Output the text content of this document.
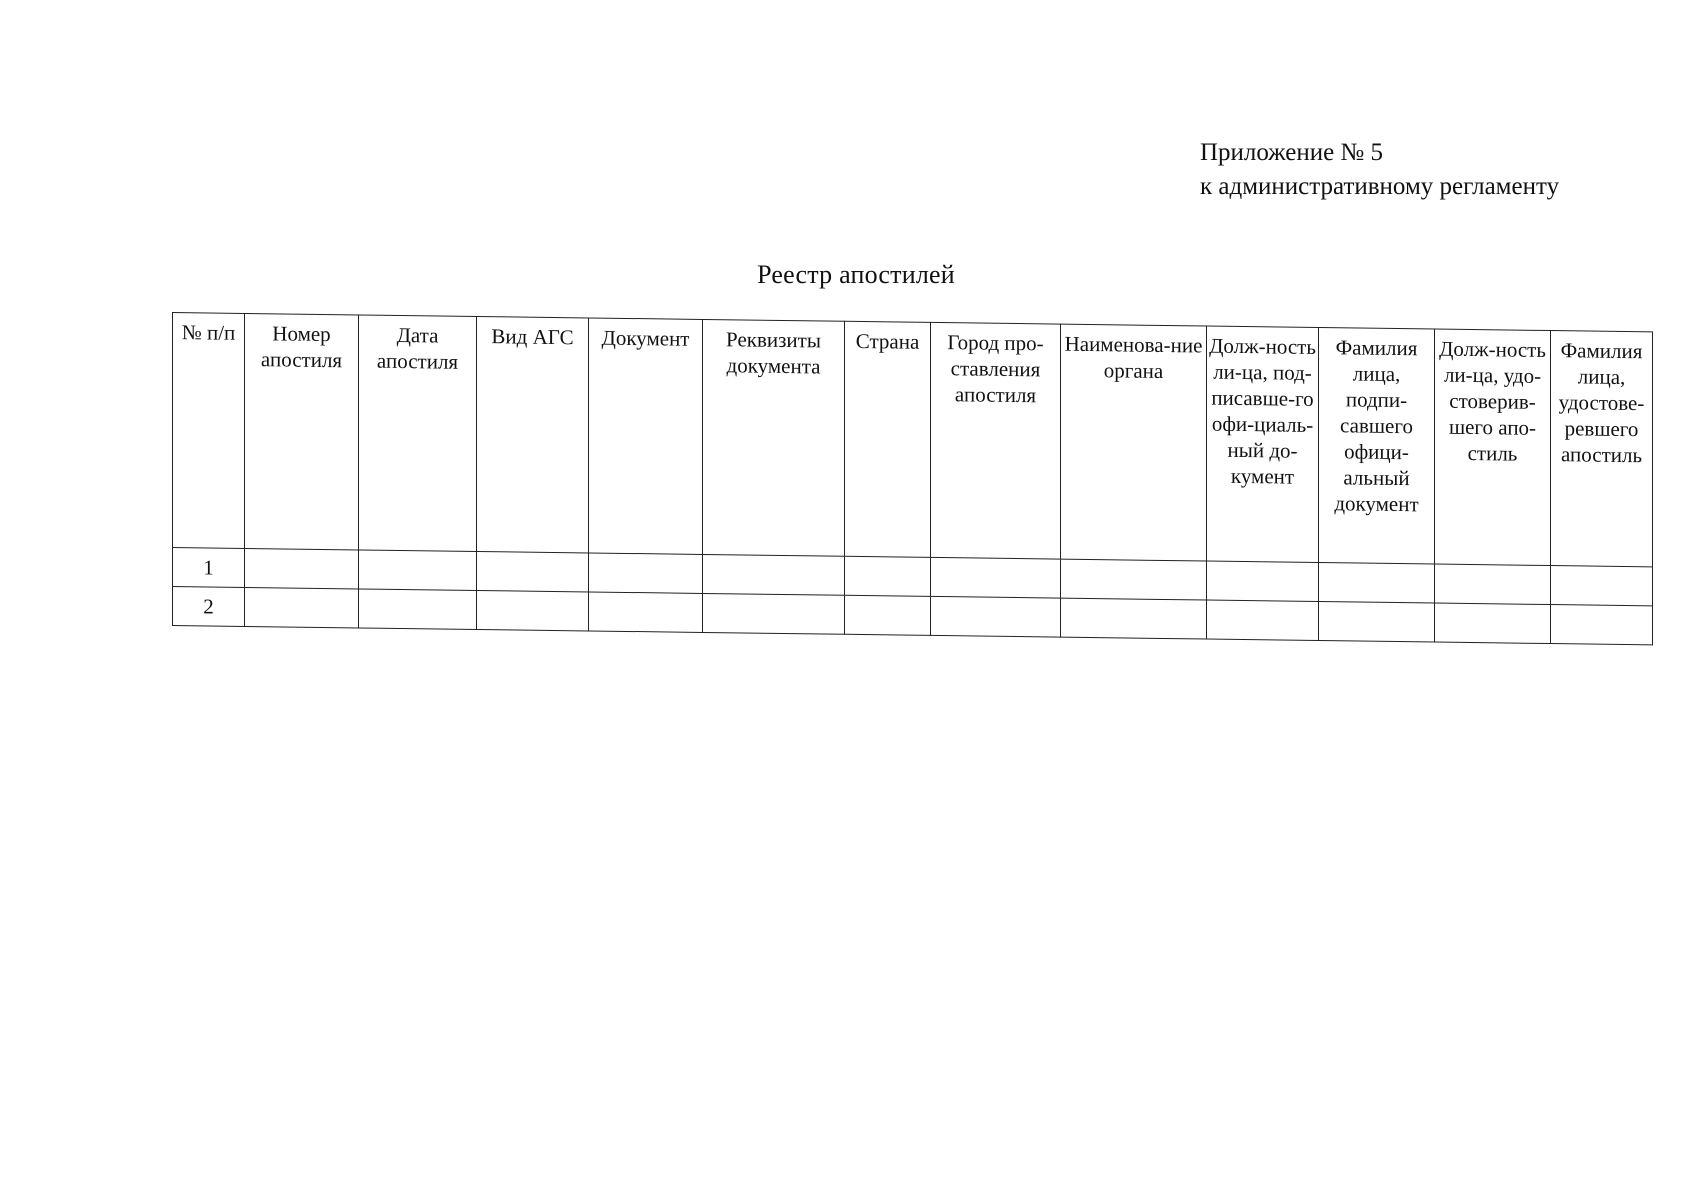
Приложение № 5
к административному регламенту
Реестр апостилей
№ п/п	Номер апостиля	Дата апостиля	Вид АГС	Документ	Реквизиты документа	Страна	Город про-ставления апостиля	Наименова-ние органа	Долж-ность ли-ца, под-писавше-го офи-циаль-ный до-кумент	Фамилия лица, подпи-савшего офици-альный документ	Долж-ность ли-ца, удо-стоверив-шего апо-стиль	Фамилия лица, удостове-ревшего апостиль
1												
2												
